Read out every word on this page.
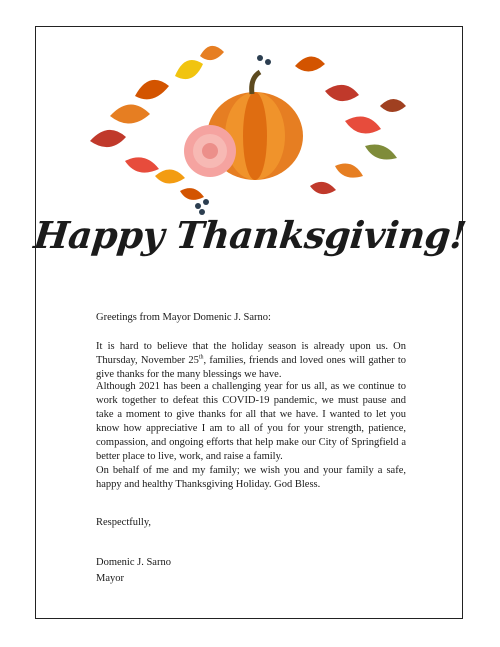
Happy Thanksgiving!

Greetings from Mayor Domenic J. Sarno:

It is hard to believe that the holiday season is already upon us. On Thursday, November 25th, families, friends and loved ones will gather to give thanks for the many blessings we have.

Although 2021 has been a challenging year for us all, as we continue to work together to defeat this COVID-19 pandemic, we must pause and take a moment to give thanks for all that we have. I wanted to let you know how appreciative I am to all of you for your strength, patience, compassion, and ongoing efforts that help make our City of Springfield a better place to live, work, and raise a family.

On behalf of me and my family; we wish you and your family a safe, happy and healthy Thanksgiving Holiday. God Bless.

Respectfully,

Domenic J. Sarno

Mayor
